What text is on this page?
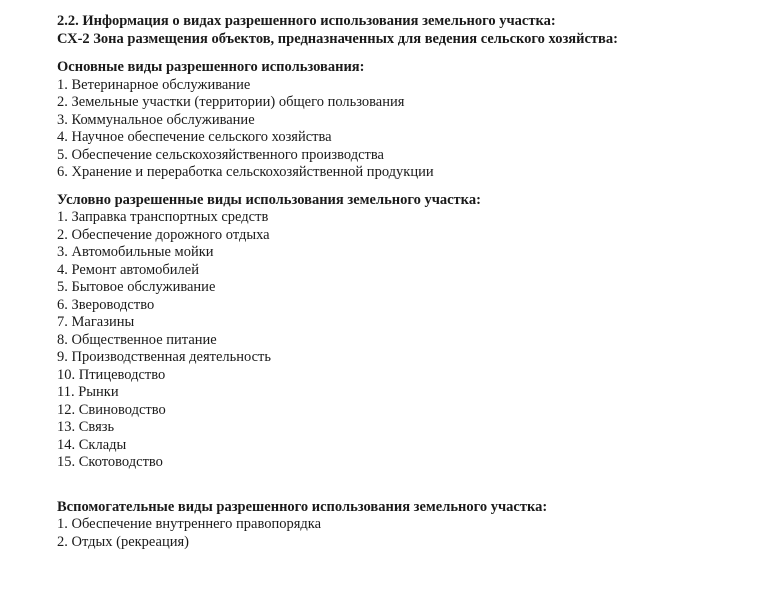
2.2. Информация о видах разрешенного использования земельного участка:

СХ-2 Зона размещения объектов, предназначенных для ведения сельского хозяйства:

Основные виды разрешенного использования:

1. Ветеринарное обслуживание
2. Земельные участки (территории) общего пользования
3. Коммунальное обслуживание
4. Научное обеспечение сельского хозяйства
5. Обеспечение сельскохозяйственного производства
6. Хранение и переработка сельскохозяйственной продукции

Условно разрешенные виды использования земельного участка:

1. Заправка транспортных средств
2. Обеспечение дорожного отдыха
3. Автомобильные мойки
4. Ремонт автомобилей
5. Бытовое обслуживание
6. Звероводство
7. Магазины
8. Общественное питание
9. Производственная деятельность
10. Птицеводство
11. Рынки
12. Свиноводство
13. Связь
14. Склады
15. Скотоводство

Вспомогательные виды разрешенного использования земельного участка:

1. Обеспечение внутреннего правопорядка
2. Отдых (рекреация)
